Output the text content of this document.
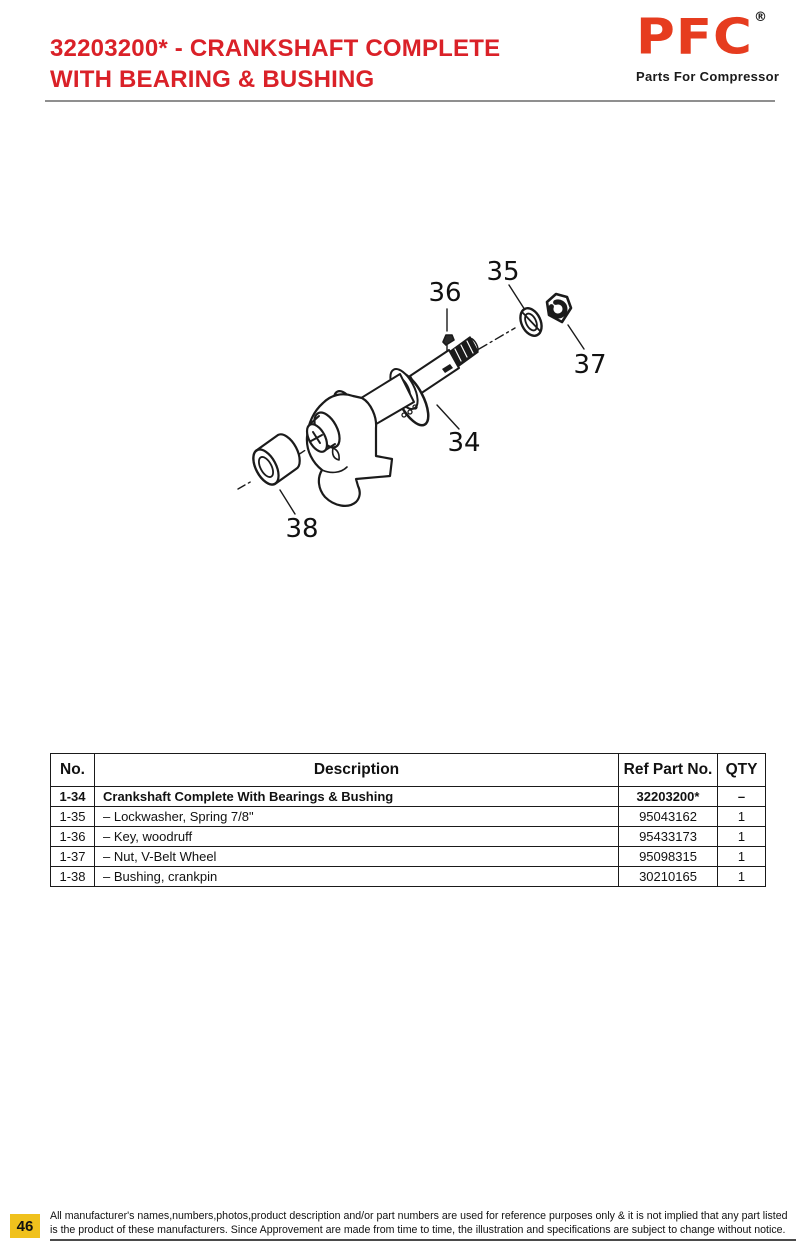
32203200* - CRANKSHAFT COMPLETE
WITH BEARING & BUSHING
PFC ®
Parts For Compressor
36
35
37
34
38
No.	Description	Ref Part No.	QTY
1-34	Crankshaft Complete With Bearings & Bushing	32203200*	–
1-35	– Lockwasher, Spring 7/8"	95043162	1
1-36	– Key, woodruff	95433173	1
1-37	– Nut, V-Belt Wheel	95098315	1
1-38	– Bushing, crankpin	30210165	1
46
All manufacturer's names,numbers,photos,product description and/or part numbers are used for reference purposes only & it is not implied that any part listed
is the product of these manufacturers. Since Approvement are made from time to time, the illustration and specifications are subject to change without notice.
